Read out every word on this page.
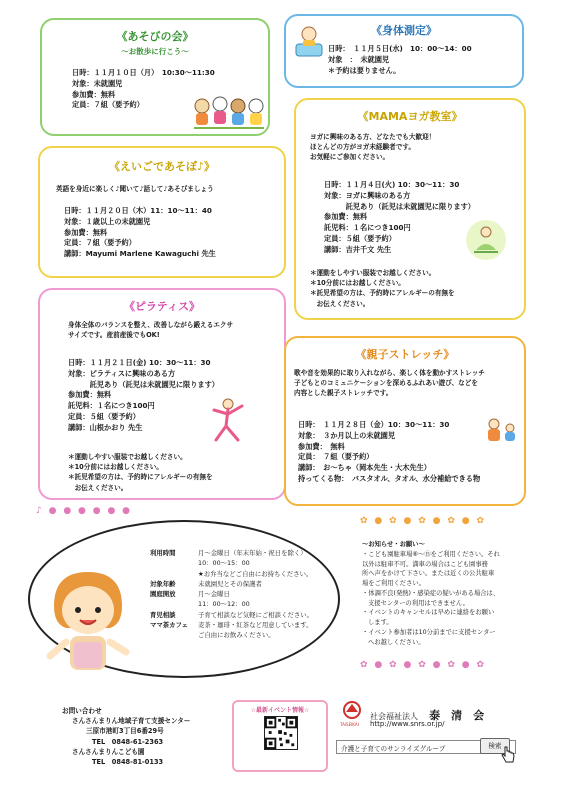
《あそびの会》
～お散歩に行こう～
日時：１１月１０日（月）　10:30～11:30
対象：未就園児
参加費：無料
定員：７組（要予約）
《身体測定》
日時：　１１月５日(水)　10：00～14：00
対象　：　未就園児
＊予約は要りません。
《MAMAヨガ教室》
ヨガに興味のある方、どなたでも大歓迎！
ほとんどの方がヨガ未経験者です。
お気軽にご参加ください。
日時：１１月４日(火) 10：30～11：30
対象：ヨガに興味のある方
　　　託児あり（託児は未就園児に限ります）
参加費：無料
託児料：１名につき100円
定員：５組（要予約）
講師：吉井千文 先生
＊運動をしやすい服装でお越しください。
＊10分前にはお越しください。
＊託児希望の方は、予約時にアレルギーの有無を
　お伝えください。
《えいごであそぼ♪》
英語を身近に楽しく♪聞いて♪話して♪あそびましょう
日時：１１月２０日（木）11：10～11：40
対象：１歳以上の未就園児
参加費：無料
定員：７組（要予約）
講師：Mayumi Marlene Kawaguchi 先生
《ピラティス》
身体全体のバランスを整え、改善しながら鍛えるエクサ
サイズです。産前産後でもOK!
日時：１１月２１日(金) 10：30～11：30
対象：ピラティスに興味のある方
　　　託児あり（託児は未就園児に限ります）
参加費：無料
託児料：１名につき100円
定員：５組（要予約）
講師：山根かおり 先生
＊運動しやすい服装でお越しください。
＊10分前にはお越しください。
＊託児希望の方は、予約時にアレルギーの有無を
　お伝えください。
《親子ストレッチ》
歌や音を効果的に取り入れながら、楽しく体を動かすストレッチ
子どもとのコミュニケーションを深めるふれあい遊び、などを
内容とした親子ストレッチです。
日時：　１１月２８日（金）10：30～11：30
対象：　３か月以上の未就園児
参加費：　無料
定員：　７組（要予約）
講師：　お～ちゃ（岡本先生・大木先生）
持ってくる物：　バスタオル、タオル、水分補給できる物
♪ ● ● ● ● ● ●
✿ ● ✿ ● ✿ ● ✿ ● ✿
✿ ● ✿ ● ✿ ● ✿ ● ✿
利用時間	月～金曜日（年末年始・祝日を除く）
10：00～15：00
★お弁当などご自由にお持ちください。
対象年齢	未就園児とその保護者
園庭開放	月～金曜日
11：00～12：00
育児相談	子育て相談など気軽にご相談ください。
ママ茶カフェ	麦茶・珈琲・紅茶など用意しています。
ご自由にお飲みください。
～お知らせ・お願い～
・こども園駐車場⑧～⑮をご利用ください。それ
以外は駐車不可。満車の場合はこども園事務
所へ声をかけて下さい。または近くの公共駐車
場をご利用ください。
・体調不良(発熱)・感染症の疑いがある場合は、
支援センターの利用はできません。
・イベントのキャンセルは早めに連絡をお願い
します。
・イベント参加者は10分前までに支援センター
へお越しください。
お問い合わせ
さんさんまりん地域子育て支援センター
三原市港町3丁目6番29号
TEL　0848-61-2363
さんさんまりんこども園
TEL　0848-81-0133
☆最新イベント情報☆
TAISEIKAI
社会福祉法人 泰　清　会
http://www.snrs.or.jp/
介護と子育てのサンライズグループ	検索
